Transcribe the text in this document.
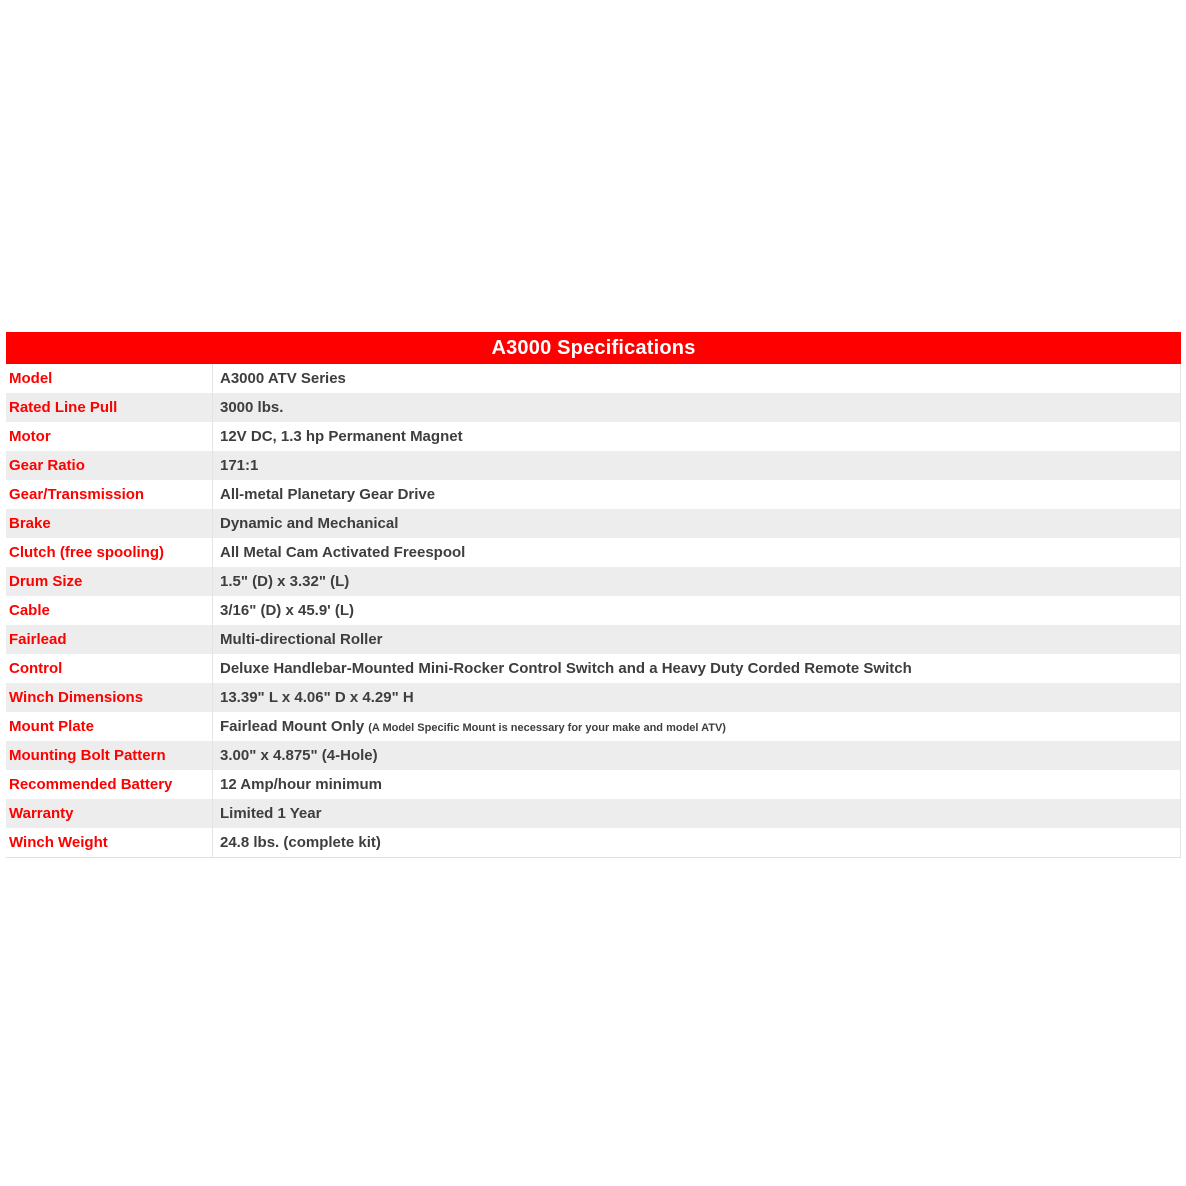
A3000 Specifications
Model	A3000 ATV Series
Rated Line Pull	3000 lbs.
Motor	12V DC, 1.3 hp Permanent Magnet
Gear Ratio	171:1
Gear/Transmission	All-metal Planetary Gear Drive
Brake	Dynamic and Mechanical
Clutch (free spooling)	All Metal Cam Activated Freespool
Drum Size	1.5" (D) x 3.32" (L)
Cable	3/16" (D) x 45.9' (L)
Fairlead	Multi-directional Roller
Control	Deluxe Handlebar-Mounted Mini-Rocker Control Switch and a Heavy Duty Corded Remote Switch
Winch Dimensions	13.39" L x 4.06" D x 4.29" H
Mount Plate	Fairlead Mount Only (A Model Specific Mount is necessary for your make and model ATV)
Mounting Bolt Pattern	3.00" x 4.875" (4-Hole)
Recommended Battery	12 Amp/hour minimum
Warranty	Limited 1 Year
Winch Weight	24.8 lbs. (complete kit)
